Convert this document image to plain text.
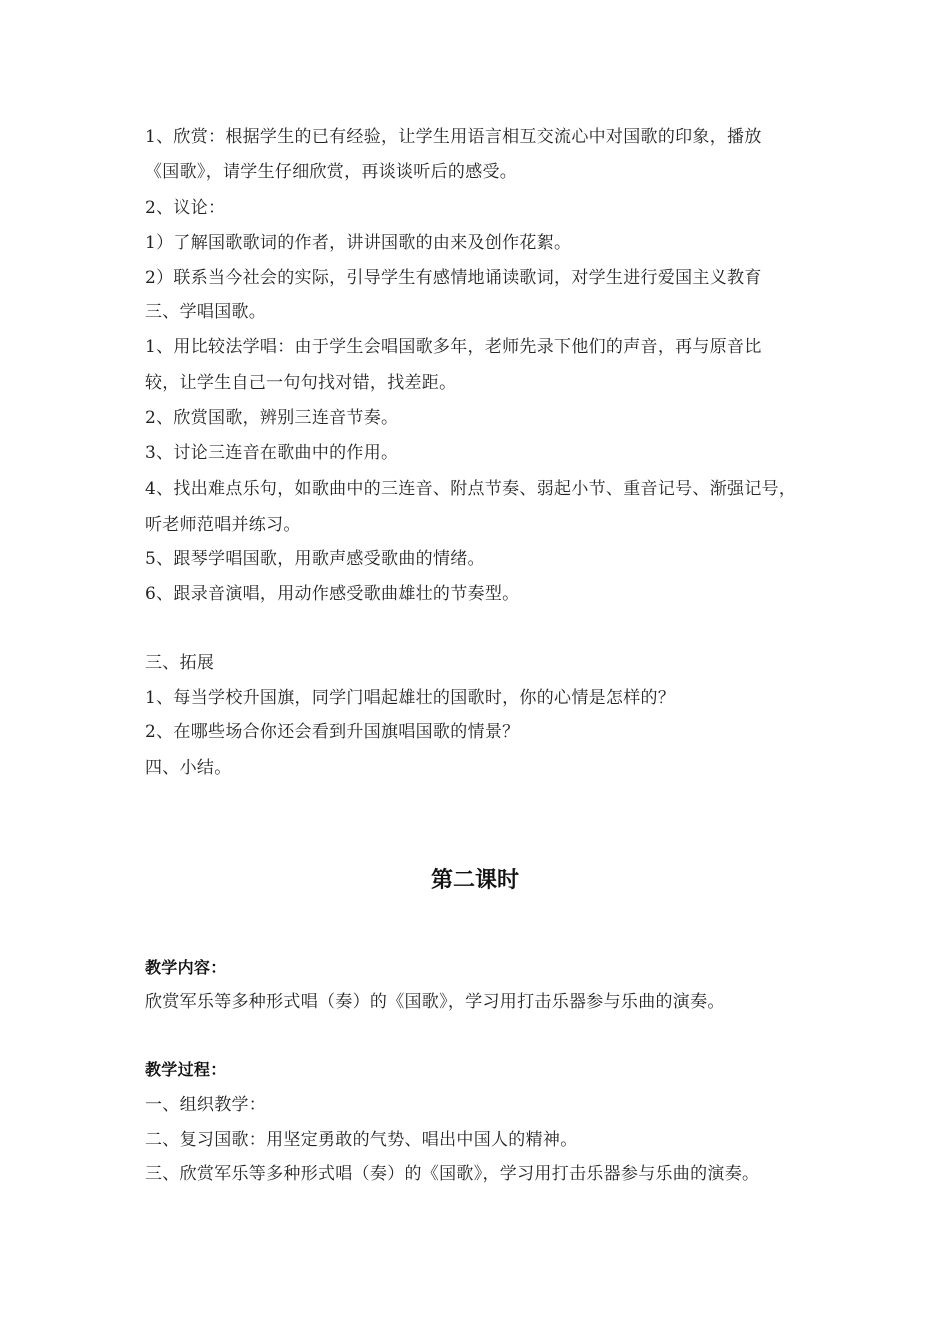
1、欣赏：根据学生的已有经验，让学生用语言相互交流心中对国歌的印象，播放
《国歌》，请学生仔细欣赏，再谈谈听后的感受。
2、议论：
1）了解国歌歌词的作者，讲讲国歌的由来及创作花絮。
2）联系当今社会的实际，引导学生有感情地诵读歌词，对学生进行爱国主义教育
三、学唱国歌。
1、用比较法学唱：由于学生会唱国歌多年，老师先录下他们的声音，再与原音比
较，让学生自己一句句找对错，找差距。
2、欣赏国歌，辨别三连音节奏。
3、讨论三连音在歌曲中的作用。
4、找出难点乐句，如歌曲中的三连音、附点节奏、弱起小节、重音记号、渐强记号，
听老师范唱并练习。
5、跟琴学唱国歌，用歌声感受歌曲的情绪。
6、跟录音演唱，用动作感受歌曲雄壮的节奏型。
三、拓展
1、每当学校升国旗，同学门唱起雄壮的国歌时，你的心情是怎样的？
2、在哪些场合你还会看到升国旗唱国歌的情景？
四、小结。
第二课时
教学内容：
欣赏军乐等多种形式唱（奏）的《国歌》，学习用打击乐器参与乐曲的演奏。
教学过程：
一、组织教学：
二、复习国歌：用坚定勇敢的气势、唱出中国人的精神。
三、欣赏军乐等多种形式唱（奏）的《国歌》，学习用打击乐器参与乐曲的演奏。
